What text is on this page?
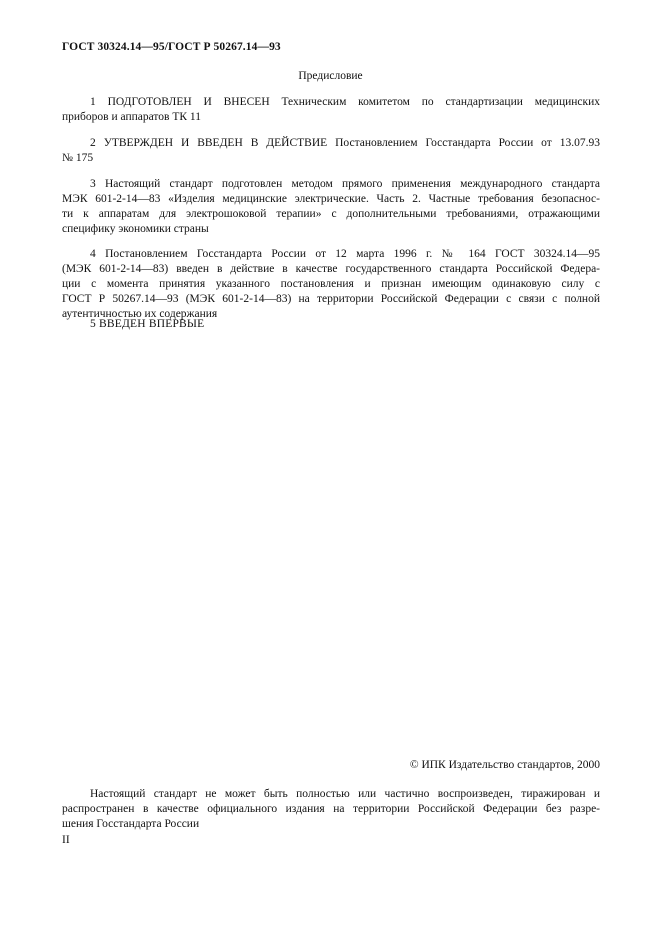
ГОСТ 30324.14—95/ГОСТ Р 50267.14—93
Предисловие
1 ПОДГОТОВЛЕН И ВНЕСЕН Техническим комитетом по стандартизации медицинских
приборов и аппаратов ТК 11
2 УТВЕРЖДЕН И ВВЕДЕН В ДЕЙСТВИЕ Постановлением Госстандарта России от 13.07.93
№ 175
3 Настоящий стандарт подготовлен методом прямого применения международного стандарта
МЭК 601-2-14—83 «Изделия медицинские электрические. Часть 2. Частные требования безопаснос-
ти к аппаратам для электрошоковой терапии» с дополнительными требованиями, отражающими
специфику экономики страны
4 Постановлением Госстандарта России от 12 марта 1996 г. № 164 ГОСТ 30324.14—95
(МЭК 601-2-14—83) введен в действие в качестве государственного стандарта Российской Федера-
ции с момента принятия указанного постановления и признан имеющим одинаковую силу с
ГОСТ Р 50267.14—93 (МЭК 601-2-14—83) на территории Российской Федерации с связи с полной
аутентичностью их содержания
5 ВВЕДЕН ВПЕРВЫЕ
© ИПК Издательство стандартов, 2000
Настоящий стандарт не может быть полностью или частично воспроизведен, тиражирован и
распространен в качестве официального издания на территории Российской Федерации без разре-
шения Госстандарта России
II
